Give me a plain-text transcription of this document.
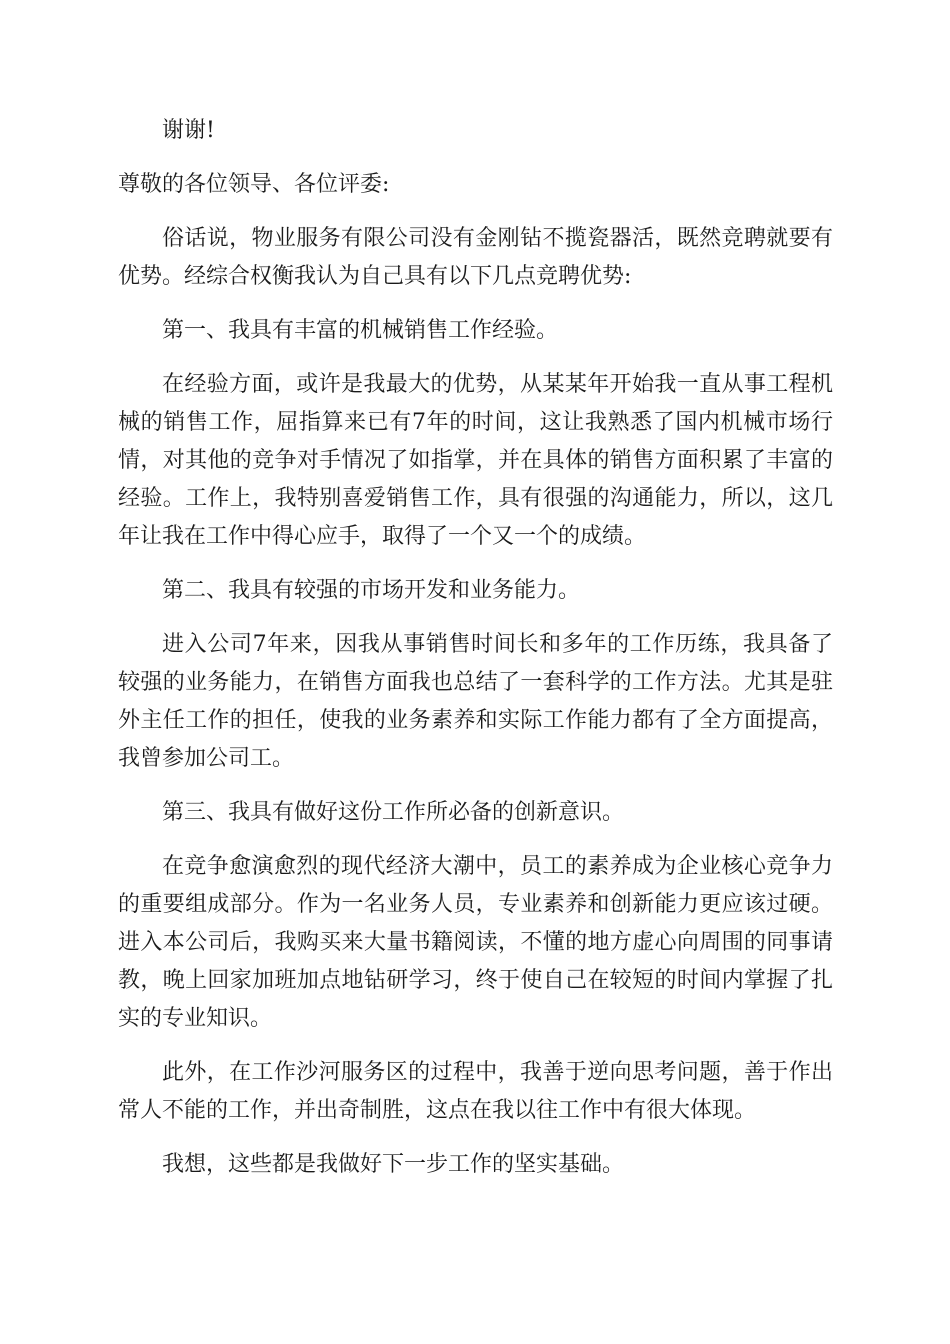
谢谢!

尊敬的各位领导、各位评委:

俗话说，物业服务有限公司没有金刚钻不揽瓷器活，既然竞聘就要有优势。经综合权衡我认为自己具有以下几点竞聘优势:

第一、我具有丰富的机械销售工作经验。

在经验方面，或许是我最大的优势，从某某年开始我一直从事工程机械的销售工作，屈指算来已有7年的时间，这让我熟悉了国内机械市场行情，对其他的竞争对手情况了如指掌，并在具体的销售方面积累了丰富的经验。工作上，我特别喜爱销售工作，具有很强的沟通能力，所以，这几年让我在工作中得心应手，取得了一个又一个的成绩。

第二、我具有较强的市场开发和业务能力。

进入公司7年来，因我从事销售时间长和多年的工作历练，我具备了较强的业务能力，在销售方面我也总结了一套科学的工作方法。尤其是驻外主任工作的担任，使我的业务素养和实际工作能力都有了全方面提高，我曾参加公司工。

第三、我具有做好这份工作所必备的创新意识。

在竞争愈演愈烈的现代经济大潮中，员工的素养成为企业核心竞争力的重要组成部分。作为一名业务人员，专业素养和创新能力更应该过硬。进入本公司后，我购买来大量书籍阅读，不懂的地方虚心向周围的同事请教，晚上回家加班加点地钻研学习，终于使自己在较短的时间内掌握了扎实的专业知识。

此外，在工作沙河服务区的过程中，我善于逆向思考问题，善于作出常人不能的工作，并出奇制胜，这点在我以往工作中有很大体现。

我想，这些都是我做好下一步工作的坚实基础。
